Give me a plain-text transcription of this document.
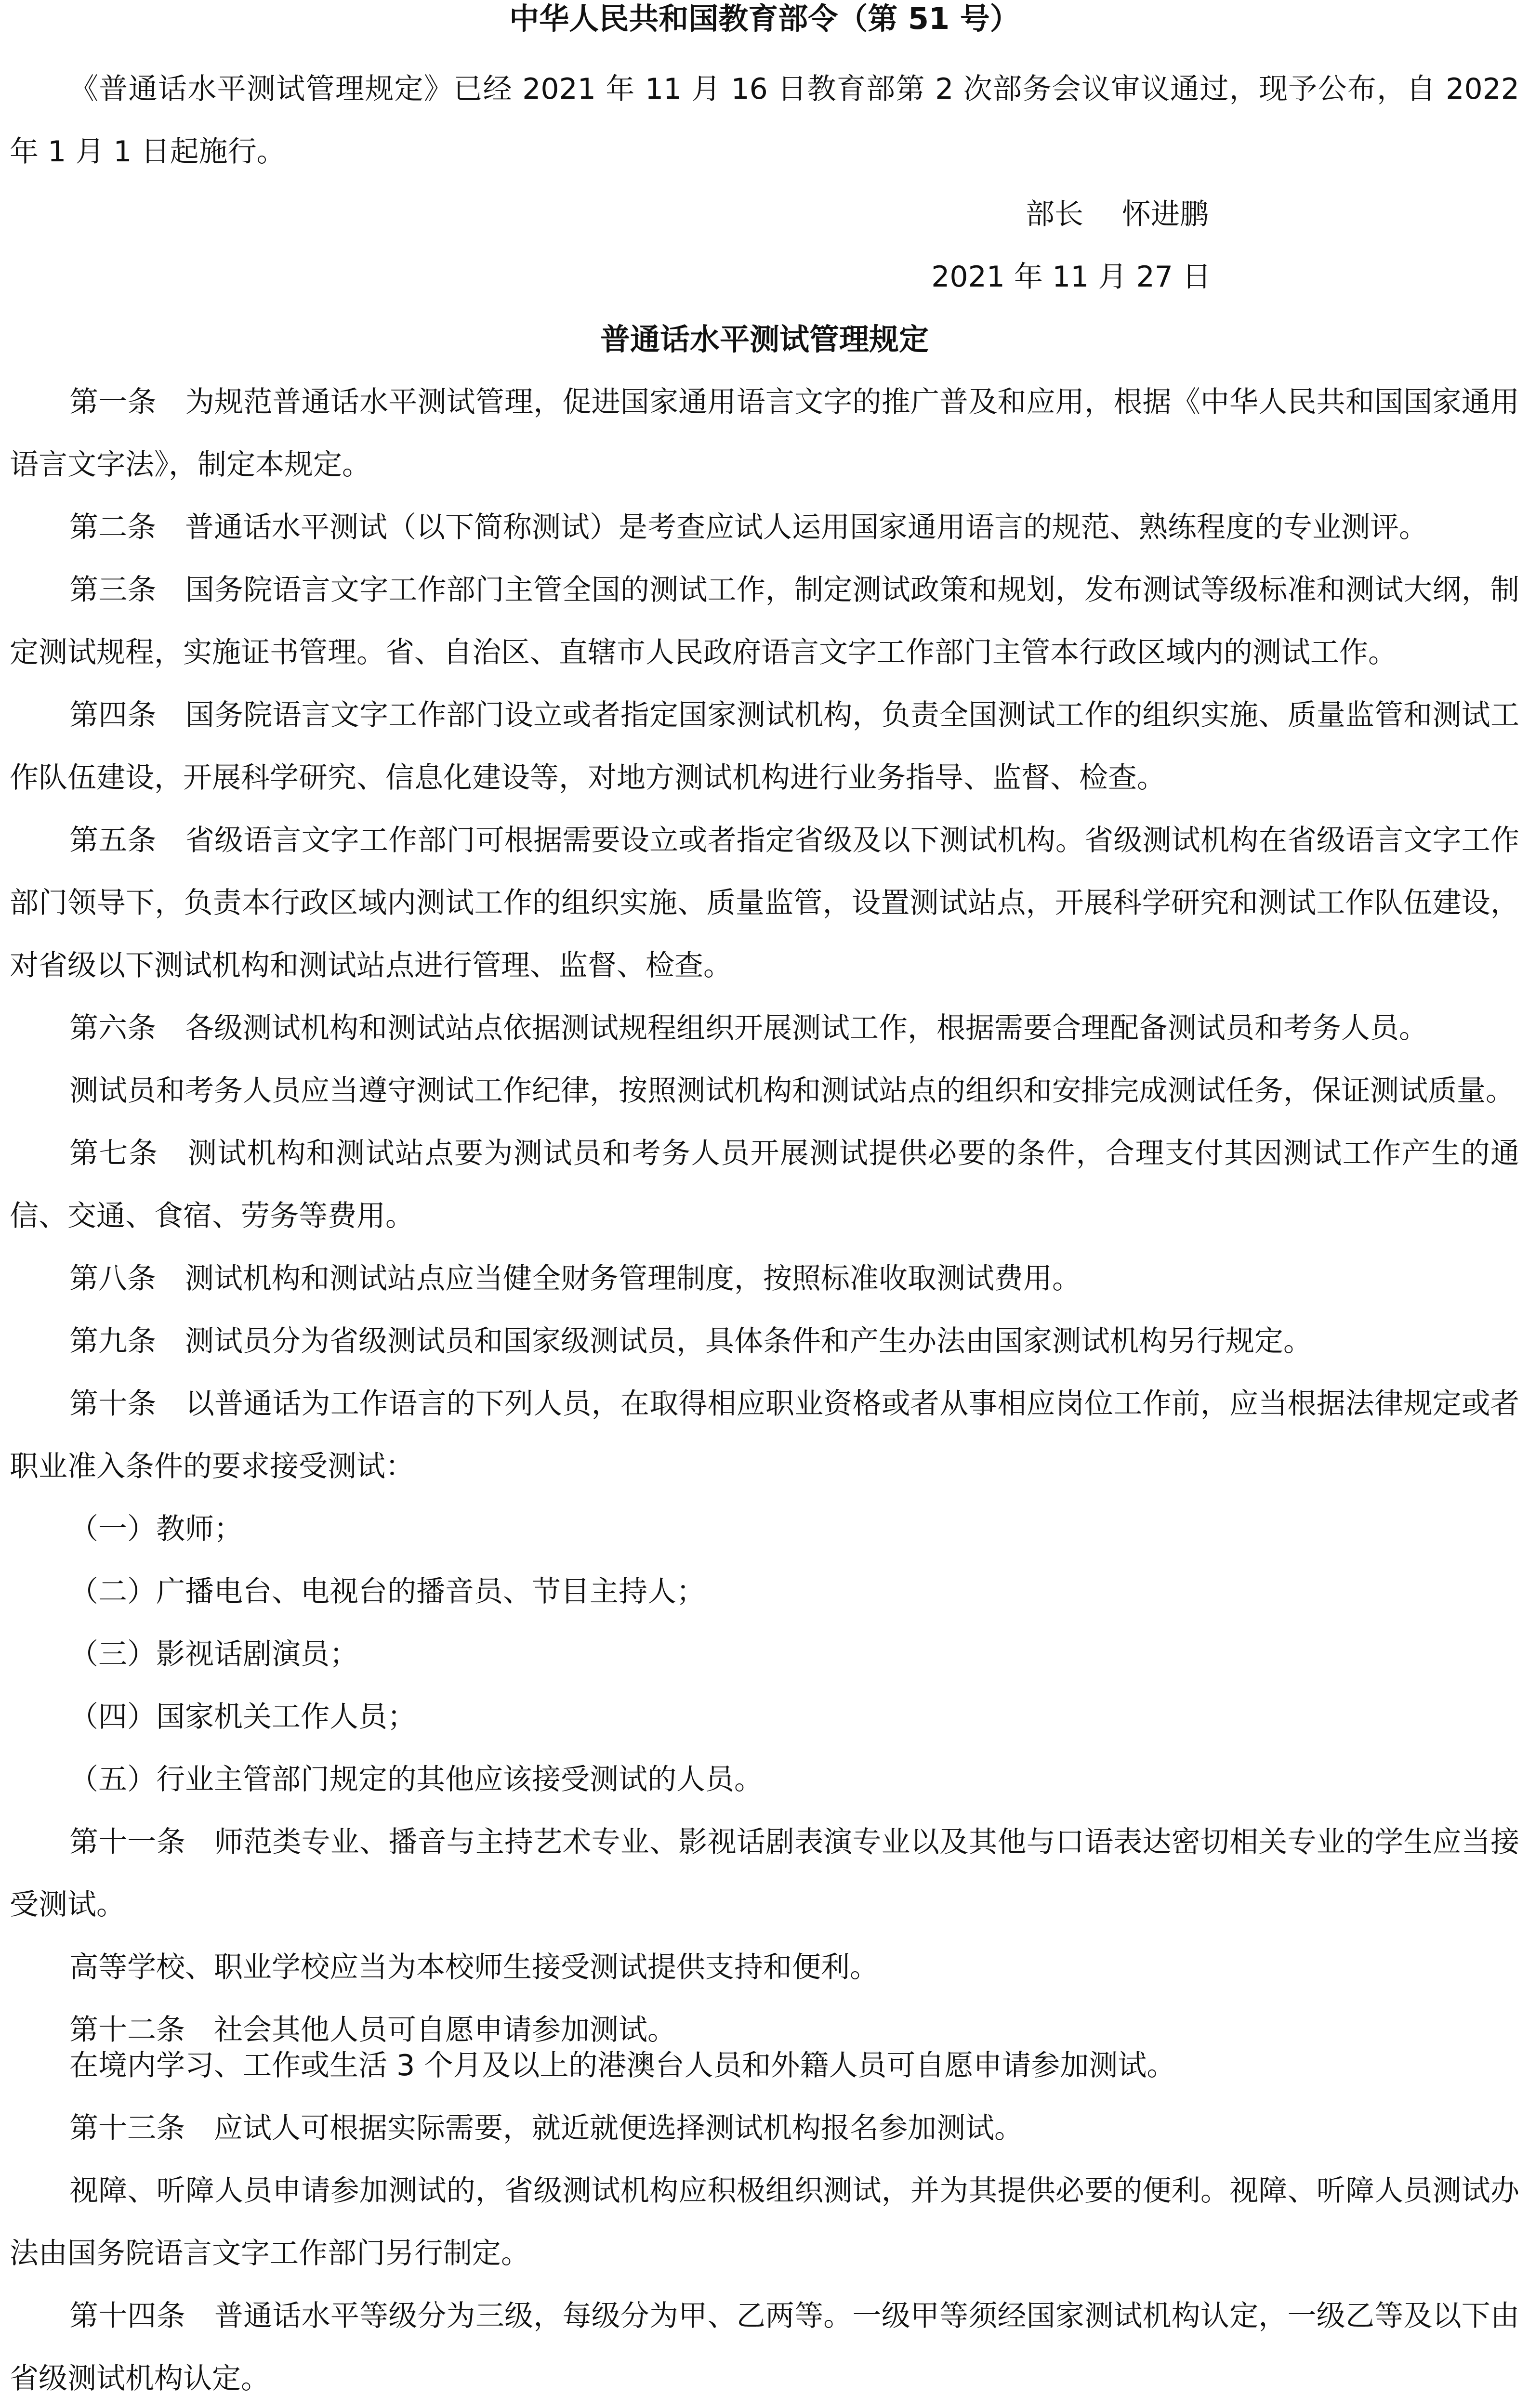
中华人民共和国教育部令（第 51 号）

《普通话水平测试管理规定》已经 2021 年 11 月 16 日教育部第 2 次部务会议审议通过，现予公布，自 2022 年 1 月 1 日起施行。

部长 怀进鹏

2021 年 11 月 27 日

普通话水平测试管理规定

第一条　为规范普通话水平测试管理，促进国家通用语言文字的推广普及和应用，根据《中华人民共和国国家通用语言文字法》，制定本规定。

第二条　普通话水平测试（以下简称测试）是考查应试人运用国家通用语言的规范、熟练程度的专业测评。

第三条　国务院语言文字工作部门主管全国的测试工作，制定测试政策和规划，发布测试等级标准和测试大纲，制定测试规程，实施证书管理。省、自治区、直辖市人民政府语言文字工作部门主管本行政区域内的测试工作。

第四条　国务院语言文字工作部门设立或者指定国家测试机构，负责全国测试工作的组织实施、质量监管和测试工作队伍建设，开展科学研究、信息化建设等，对地方测试机构进行业务指导、监督、检查。

第五条　省级语言文字工作部门可根据需要设立或者指定省级及以下测试机构。省级测试机构在省级语言文字工作部门领导下，负责本行政区域内测试工作的组织实施、质量监管，设置测试站点，开展科学研究和测试工作队伍建设，对省级以下测试机构和测试站点进行管理、监督、检查。

第六条　各级测试机构和测试站点依据测试规程组织开展测试工作，根据需要合理配备测试员和考务人员。

测试员和考务人员应当遵守测试工作纪律，按照测试机构和测试站点的组织和安排完成测试任务，保证测试质量。

第七条　测试机构和测试站点要为测试员和考务人员开展测试提供必要的条件，合理支付其因测试工作产生的通信、交通、食宿、劳务等费用。

第八条　测试机构和测试站点应当健全财务管理制度，按照标准收取测试费用。

第九条　测试员分为省级测试员和国家级测试员，具体条件和产生办法由国家测试机构另行规定。

第十条　以普通话为工作语言的下列人员，在取得相应职业资格或者从事相应岗位工作前，应当根据法律规定或者职业准入条件的要求接受测试：

（一）教师；

（二）广播电台、电视台的播音员、节目主持人；

（三）影视话剧演员；

（四）国家机关工作人员；

（五）行业主管部门规定的其他应该接受测试的人员。

第十一条　师范类专业、播音与主持艺术专业、影视话剧表演专业以及其他与口语表达密切相关专业的学生应当接受测试。

高等学校、职业学校应当为本校师生接受测试提供支持和便利。

第十二条　社会其他人员可自愿申请参加测试。

在境内学习、工作或生活 3 个月及以上的港澳台人员和外籍人员可自愿申请参加测试。

第十三条　应试人可根据实际需要，就近就便选择测试机构报名参加测试。

视障、听障人员申请参加测试的，省级测试机构应积极组织测试，并为其提供必要的便利。视障、听障人员测试办法由国务院语言文字工作部门另行制定。

第十四条　普通话水平等级分为三级，每级分为甲、乙两等。一级甲等须经国家测试机构认定，一级乙等及以下由省级测试机构认定。
